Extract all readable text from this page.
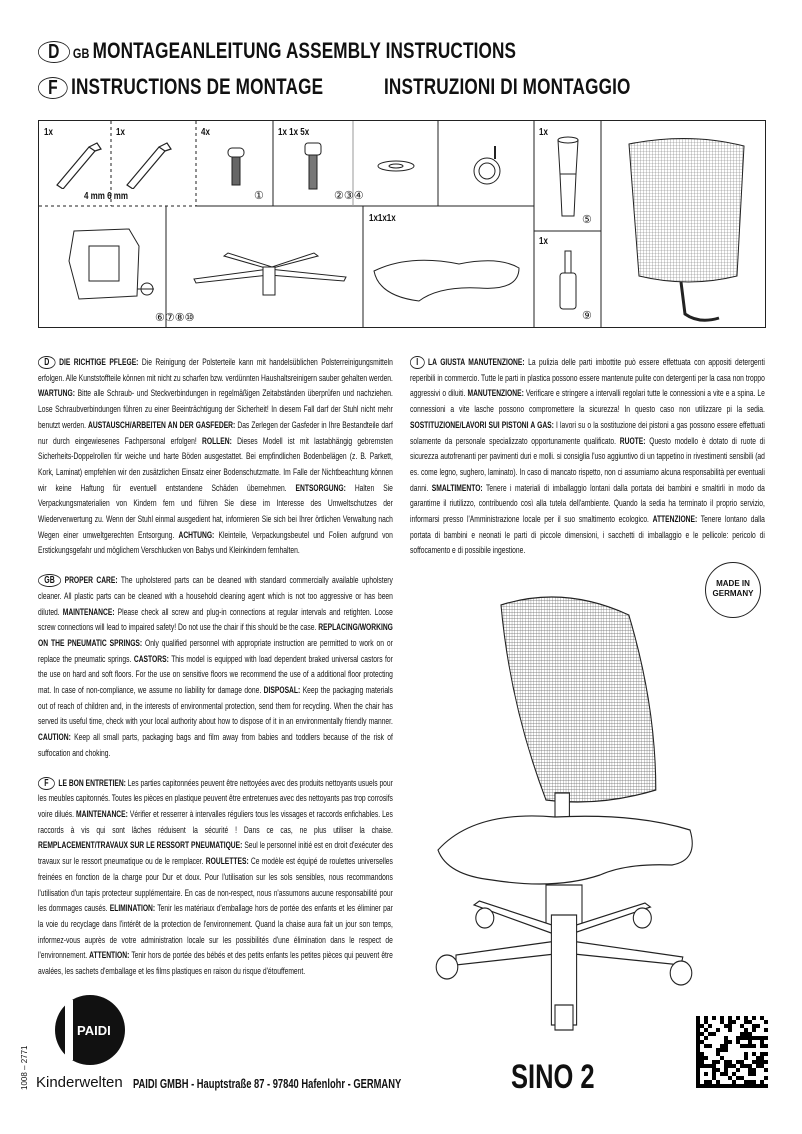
D GB MONTAGEANLEITUNG ASSEMBLY INSTRUCTIONS
F INSTRUCTIONS DE MONTAGE	INSTRUZIONI DI MONTAGGIO
1x	1x
4 mm 6 mm
4x
①
1x 1x 5x
②③④
1x
⑤
1x
⑨
1x1x1x
⑥⑦⑧⑩
D DIE RICHTIGE PFLEGE: Die Reinigung der Polsterteile kann mit handelsüblichen Polsterreinigungsmitteln erfolgen. Alle Kunststoffteile können mit nicht zu scharfen bzw. verdünnten Haushaltsreinigern sauber gehalten werden. WARTUNG: Bitte alle Schraub- und Steckverbindungen in regelmäßigen Zeitabständen überprüfen und nachziehen. Lose Schraubverbindungen führen zu einer Beeinträchtigung der Sicherheit! In diesem Fall darf der Stuhl nicht mehr benutzt werden. AUSTAUSCH/ARBEITEN AN DER GASFEDER: Das Zerlegen der Gasfeder in Ihre Bestandteile darf nur durch eingewiesenes Fachpersonal erfolgen! ROLLEN: Dieses Modell ist mit lastabhängig gebremsten Sicherheits-Doppelrollen für weiche und harte Böden ausgestattet. Bei empfindlichen Bodenbelägen (z. B. Parkett, Kork, Laminat) empfehlen wir den zusätzlichen Einsatz einer Bodenschutzmatte. Im Falle der Nichtbeachtung können wir keine Haftung für eventuell entstandene Schäden übernehmen. ENTSORGUNG: Halten Sie Verpackungsmaterialien von Kindern fern und führen Sie diese im Interesse des Umweltschutzes der Wiederverwertung zu. Wenn der Stuhl einmal ausgedient hat, informieren Sie sich bei Ihrer örtlichen Verwaltung nach Wegen einer umweltgerechten Entsorgung. ACHTUNG: Kleinteile, Verpackungsbeutel und Folien aufgrund von Erstickungsgefahr und möglichem Verschlucken von Babys und Kleinkindern fernhalten.
GB PROPER CARE: The upholstered parts can be cleaned with standard commercially available upholstery cleaner. All plastic parts can be cleaned with a household cleaning agent which is not too aggressive or has been diluted. MAINTENANCE: Please check all screw and plug-in connections at regular intervals and retighten. Loose screw connections will lead to impaired safety! Do not use the chair if this should be the case. REPLACING/WORKING ON THE PNEUMATIC SPRINGS: Only qualified personnel with appropriate instruction are permitted to work on or replace the pneumatic springs. CASTORS: This model is equipped with load dependent braked universal castors for the use on hard and soft floors. For the use on sensitive floors we recommend the use of a additional floor protecting mat. In case of non-compliance, we assume no liability for damage done. DISPOSAL: Keep the packaging materials out of reach of children and, in the interests of environmental protection, send them for recycling. When the chair has served its useful time, check with your local authority about how to dispose of it in an environmentally friendly manner. CAUTION: Keep all small parts, packaging bags and film away from babies and toddlers because of the risk of suffocation and choking.
F LE BON ENTRETIEN: Les parties capitonnées peuvent être nettoyées avec des produits nettoyants usuels pour les meubles capitonnés. Toutes les pièces en plastique peuvent être entretenues avec des nettoyants pas trop corrosifs voire dilués. MAINTENANCE: Vérifier et resserrer à intervalles réguliers tous les vissages et raccords enfichables. Les raccords à vis qui sont lâches réduisent la sécurité ! Dans ce cas, ne plus utiliser la chaise. REMPLACEMENT/TRAVAUX SUR LE RESSORT PNEUMATIQUE: Seul le personnel initié est en droit d'exécuter des travaux sur le ressort pneumatique ou de le remplacer. ROULETTES: Ce modèle est équipé de roulettes universelles freinées en fonction de la charge pour Dur et doux. Pour l'utilisation sur les sols sensibles, nous recommandons l'utilisation d'un tapis protecteur supplémentaire. En cas de non-respect, nous n'assumons aucune responsabilité pour les dommages causés. ELIMINATION: Tenir les matériaux d'emballage hors de portée des enfants et les éliminer par la voie du recyclage dans l'intérêt de la protection de l'environnement. Quand la chaise aura fait un jour son temps, informez-vous auprès de votre administration locale sur les possibilités d'une élimination dans le respect de l'environnement. ATTENTION: Tenir hors de portée des bébés et des petits enfants les petites pièces qui peuvent être avalées, les sachets d'emballage et les films plastiques en raison du risque d'étouffement.
I LA GIUSTA MANUTENZIONE: La pulizia delle parti imbottite può essere effettuata con appositi detergenti reperibili in commercio. Tutte le parti in plastica possono essere mantenute pulite con detergenti per la casa non troppo aggressivi o diluiti. MANUTENZIONE: Verificare e stringere a intervalli regolari tutte le connessioni a vite e a spina. Le connessioni a vite lasche possono compromettere la sicurezza! In questo caso non utilizzare pi la sedia. SOSTITUZIONE/LAVORI SUI PISTONI A GAS: I lavori su o la sostituzione dei pistoni a gas possono essere effettuati solamente da personale specializzato opportunamente qualificato. RUOTE: Questo modello è dotato di ruote di sicurezza autofrenanti per pavimenti duri e molli. si consiglia l'uso aggiuntivo di un tappetino in rivestimenti sensibili (ad es. come legno, sughero, laminato). In caso di mancato rispetto, non ci assumiamo alcuna responsabilità per eventuali danni. SMALTIMENTO: Tenere i materiali di imballaggio lontani dalla portata dei bambini e smaltirli in modo da garantirne il riutilizzo, contribuendo così alla tutela dell'ambiente. Quando la sedia ha terminato il proprio servizio, informarsi presso l'Amministrazione locale per il suo smaltimento ecologico. ATTENZIONE: Tenere lontano dalla portata di bambini e neonati le parti di piccole dimensioni, i sacchetti di imballaggio e le pellicole: pericolo di soffocamento e di possibile ingestione.
MADE IN
GERMANY
PAIDI
1008 – 2771 Kinderwelten PAIDI GMBH - Hauptstraße 87 - 97840 Hafenlohr - GERMANY	SINO 2
